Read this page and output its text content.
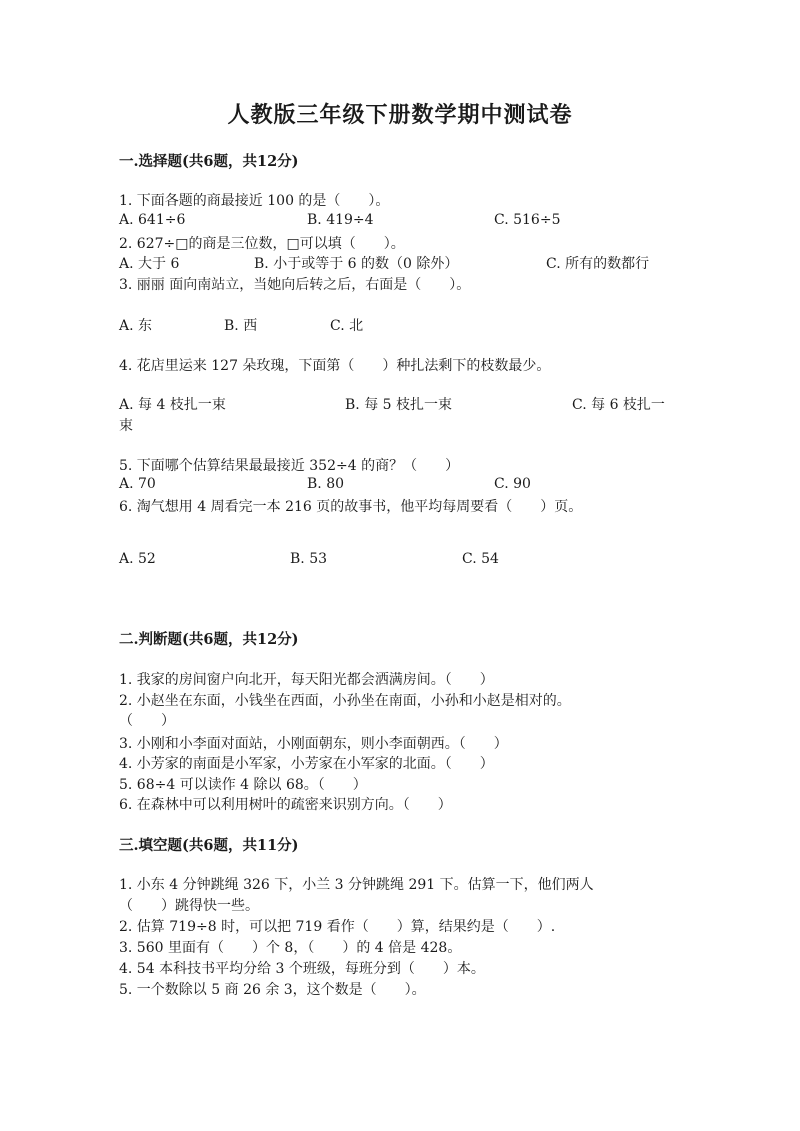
人教版三年级下册数学期中测试卷
一.选择题(共6题，共12分)
1. 下面各题的商最接近 100 的是（　　）。
A. 641÷6	B. 419÷4	C. 516÷5
2. 627÷□的商是三位数，□可以填（　　）。
A. 大于 6	B. 小于或等于 6 的数（0 除外）	C. 所有的数都行
3. 丽丽 面向南站立，当她向后转之后，右面是（　　）。
A. 东	B. 西	C. 北
4. 花店里运来 127 朵玫瑰，下面第（　　）种扎法剩下的枝数最少。
A. 每 4 枝扎一束	B. 每 5 枝扎一束	C. 每 6 枝扎一
束
5. 下面哪个估算结果最最接近 352÷4 的商？（　　）
A. 70	B. 80	C. 90
6. 淘气想用 4 周看完一本 216 页的故事书，他平均每周要看（　　）页。
A. 52	B. 53	C. 54
二.判断题(共6题，共12分)
1. 我家的房间窗户向北开，每天阳光都会洒满房间。（　　）
2. 小赵坐在东面，小钱坐在西面，小孙坐在南面，小孙和小赵是相对的。
（　　）
3. 小刚和小李面对面站，小刚面朝东，则小李面朝西。（　　）
4. 小芳家的南面是小军家，小芳家在小军家的北面。（　　）
5. 68÷4 可以读作 4 除以 68。（　　）
6. 在森林中可以利用树叶的疏密来识别方向。（　　）
三.填空题(共6题，共11分)
1. 小东 4 分钟跳绳 326 下，小兰 3 分钟跳绳 291 下。估算一下，他们两人
（　　）跳得快一些。
2. 估算 719÷8 时，可以把 719 看作（　　）算，结果约是（　　）.
3. 560 里面有（　　）个 8，（　　）的 4 倍是 428。
4. 54 本科技书平均分给 3 个班级，每班分到（　　）本。
5. 一个数除以 5 商 26 余 3，这个数是（　　）。
